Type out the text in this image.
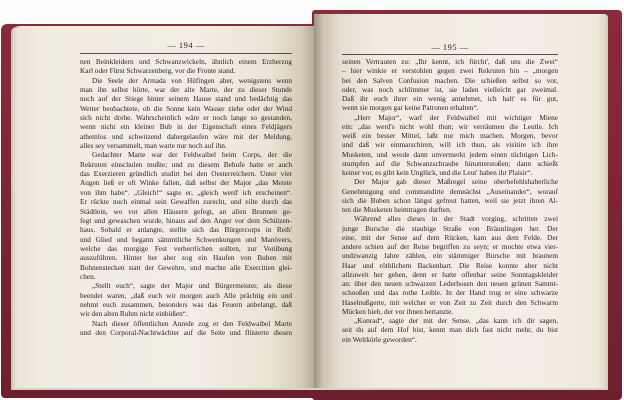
— 194 —
nen Beinkleidern und Schwanzwickeln, ähnlich einem Erzherzog
Karl oder Fürst Schwarzenberg, vor die Fronte stand.
Die Seele der Armada von Hüfingen aber, wenigstens wenn
man ihn selbst hörte, war der alte Marte, der zu dieser Stunde
noch auf der Stiege hinter seinem Hause stand und bedächtig das
Wetter beobachtete, ob die Sonne kein Wasser ziehe oder der Wind
sich nicht drehe. Wahrscheinlich wäre er noch lange so gestanden,
wenn nicht ein kleiner Bub in der Eigenschaft eines Feldjägers
athemlos und schwitzend dahergelaufen wäre mit der Meldung,
alles sey versammelt, man warte nur noch auf ihn.
Gedachter Marte war der Feldwaibel beim Corps, der die
Rekruten einschulen mußte; und zu diesem Behufe hatte er auch
das Exerzieren gründlich studirt bei den Oesterreichern. Unter vier
Augen ließ er oft Winke fallen, daß selbst der Major „das Meiste
von ihm habe“. „Gleich!“ sagte er, „gleich werd' ich erscheinen“.
Er rückte noch einmal sein Gewaffen zurecht, und eilte durch das
Städtlein, wo vor allen Häusern gefegt, an allen Brunnen ge-
fegt und gewaschen wurde, hinaus auf den Anger vor dem Schützen-
haus. Sobald er anlangte, stellte sich das Bürgercorps in Reih'
und Glied und begann sämmtliche Schwenkungen und Manövers,
welche das morgige Fest verherrlichen sollten, zur Vorübung
auszuführen. Hinter her aber zog ein Haufen von Buben mit
Bohnenstecken statt der Gewehre, und machte alle Exercitien glei-
chen.
„Stellt euch“, sagte der Major und Bürgermeister, als diese
beendet waren, „daß euch wir morgen auch Alle prächtig ein und
nehmt euch zusammen, besonders was das Feuern anbelangt, daß
wir den alten Ruhm nicht einbüßen“.
Nach dieser öffentlichen Anrede zog er den Feldwaibel Marte
und den Corporal-Nachtwächter auf die Seite und flüsterte diesen
— 195 —
seinen Vertrauten zu: „Ihr kennt, ich fürcht', daß uns die Zwei“
– hier winkte er verstohlen gegen zwei Rekruten hin – „morgen
bei den Salven Confusion machen. Die schießen selbst so vor,
oder, was noch schlimmer ist, sie laden vielleicht gar zweimal.
Daß ihr euch ihrer ein wenig annehmet, ich halt' es für gut,
wenn sie morgen gar keine Patronen erhalten“.
„Herr Major“, warf der Feldwaibel mit wichtiger Miene
ein: „das werd's nicht wohl thun; wir verräumen die Leutle. Ich
weiß ein besser Mittel, laßt nur mich machen. Morgen, bevor
und daß wir einmarschiren, will ich thun, als visitire ich ihre
Musketen, und werde dann unvermerkt jedem einen tüchtigen Lich-
stumpfen auf die Schwanzschraube hinunterstoßen; dann schießt
keiner vor, es gibt kein Unglück, und die Leut' haben ihr Plaisir“.
Der Major gab dieser Maßregel seine oberbefehlshaberliche
Genehmigung und commandirte demnächst „Auseinander“, worauf
sich die Buben schon längst gefreut hatten, weil sie jetzt ihren Al-
ten die Musketen heimtragen durften.
Während alles dieses in der Stadt vorging, schritten zwei
junge Bursche die staubige Straße von Bräunlingen her. Der
eine, mit der Sense auf dem Rücken, kam aus dem Felde. Der
andere schien auf der Reise begriffen zu seyn; er mochte etwa vier-
undzwanzig Jahre zählen, ein stämmiger Bursche mit braunem
Haar und röthlichem Backenbart. Die Reise konnte aber nicht
allzuweit her gehen, denn er hatte offenbar seine Sonntagskleider
an: über den neuen schwarzen Lederhosen den neuen grünen Sammt-
schooßen und das rothe Leible. In der Hand trug er eine schwarze
Haselnußgerte, mit welcher er von Zeit zu Zeit durch den Schwarm
Mücken hieb, der vor ihnen hertanzte.
„Konrad“, sagte der mit der Sense, „das kann ich dir sagen,
seit du auf dem Hof bist, kennt man dich fast nicht mehr, du bist
ein Weltkörle geworden“.
